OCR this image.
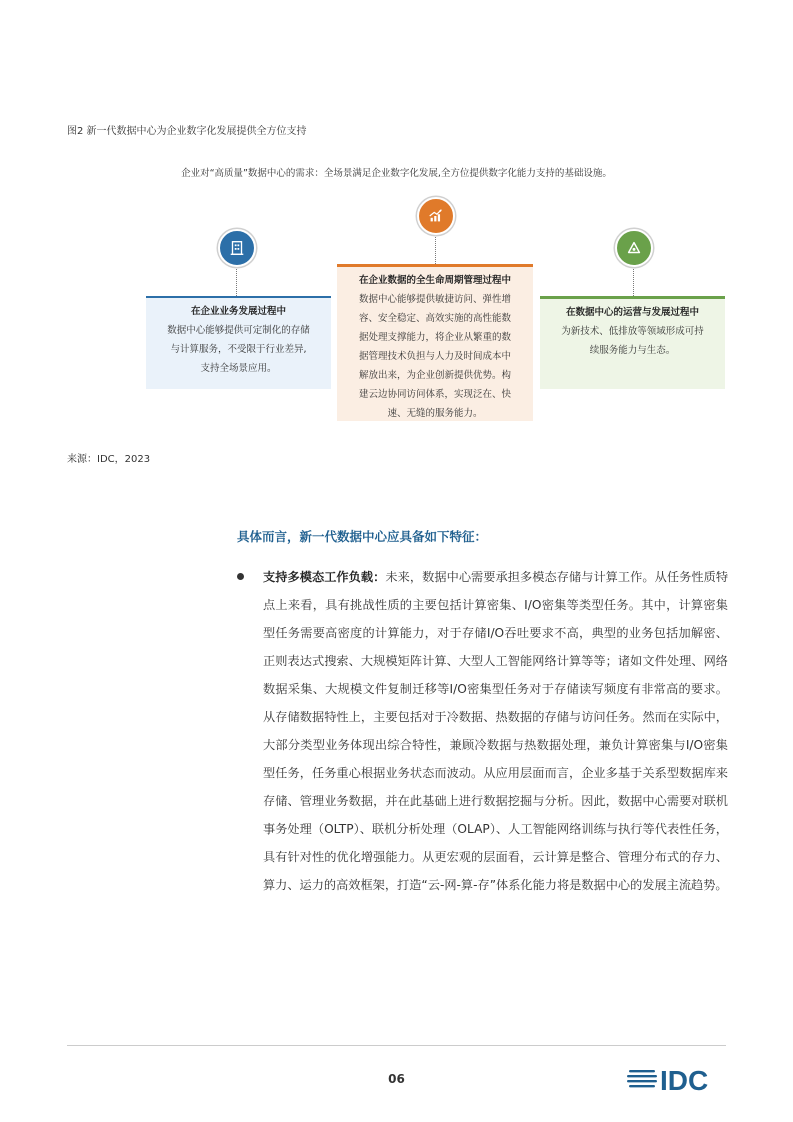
图2 新一代数据中心为企业数字化发展提供全方位支持
企业对“高质量”数据中心的需求：全场景满足企业数字化发展,全方位提供数字化能力支持的基础设施。
在企业业务发展过程中
数据中心能够提供可定制化的存储
与计算服务，不受限于行业差异,
支持全场景应用。
在企业数据的全生命周期管理过程中
数据中心能够提供敏捷访问、弹性增
容、安全稳定、高效实施的高性能数
据处理支撑能力，将企业从繁重的数
据管理技术负担与人力及时间成本中
解放出来，为企业创新提供优势。构
建云边协同访问体系，实现泛在、快
速、无缝的服务能力。
在数据中心的运营与发展过程中
为新技术、低排放等领域形成可持
续服务能力与生态。
来源：IDC，2023
具体而言，新一代数据中心应具备如下特征：
支持多模态工作负载：未来，数据中心需要承担多模态存储与计算工作。从任务性质特点上来看，具有挑战性质的主要包括计算密集、I/O密集等类型任务。其中，计算密集型任务需要高密度的计算能力，对于存储I/O吞吐要求不高，典型的业务包括加解密、正则表达式搜索、大规模矩阵计算、大型人工智能网络计算等等；诸如文件处理、网络数据采集、大规模文件复制迁移等I/O密集型任务对于存储读写频度有非常高的要求。从存储数据特性上，主要包括对于冷数据、热数据的存储与访问任务。然而在实际中，大部分类型业务体现出综合特性，兼顾冷数据与热数据处理，兼负计算密集与I/O密集型任务，任务重心根据业务状态而波动。从应用层面而言，企业多基于关系型数据库来存储、管理业务数据，并在此基础上进行数据挖掘与分析。因此，数据中心需要对联机事务处理（OLTP）、联机分析处理（OLAP）、人工智能网络训练与执行等代表性任务，具有针对性的优化增强能力。从更宏观的层面看，云计算是整合、管理分布式的存力、算力、运力的高效框架，打造“云-网-算-存”体系化能力将是数据中心的发展主流趋势。
06	IDC
